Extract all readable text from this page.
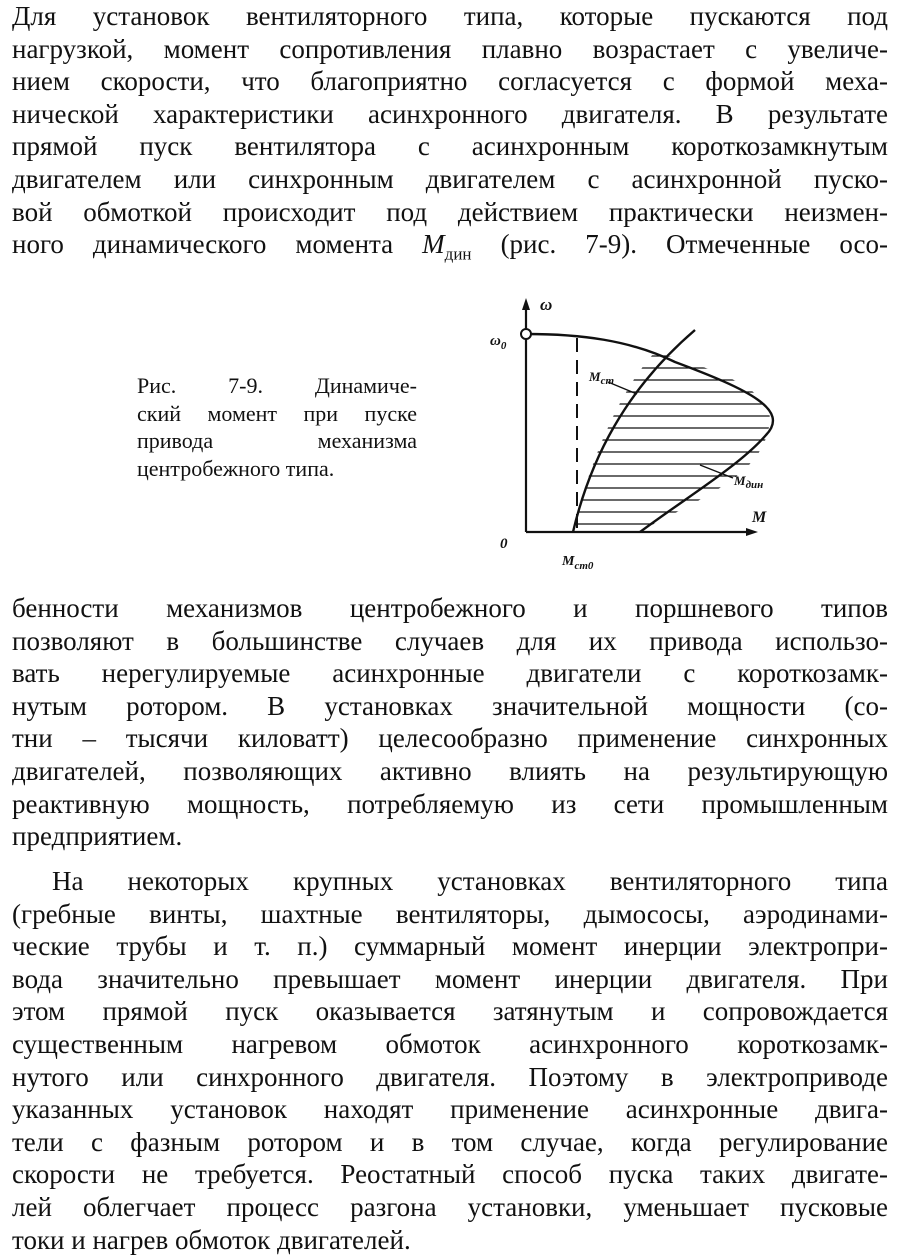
Для установок вентиляторного типа, которые пускаются под
нагрузкой, момент сопротивления плавно возрастает с увеличе-
нием скорости, что благоприятно согласуется с формой меха-
нической характеристики асинхронного двигателя. В результате
прямой пуск вентилятора с асинхронным короткозамкнутым
двигателем или синхронным двигателем с асинхронной пуско-
вой обмоткой происходит под действием практически неизмен-
ного динамического момента $M_{дин}$ (рис. 7-9). Отмеченные осо-
Рис. 7-9. Динамиче-
ский момент при пуске
привода механизма
центробежного типа.
ω
$\omega_0$
$M_{ст}$
$M_{дин}$
0
M
$M_{ст0}$
бенности механизмов центробежного и поршневого типов
позволяют в большинстве случаев для их привода использо-
вать нерегулируемые асинхронные двигатели с короткозамк-
нутым ротором. В установках значительной мощности (со-
тни – тысячи киловатт) целесообразно применение синхронных
двигателей, позволяющих активно влиять на результирующую
реактивную мощность, потребляемую из сети промышленным
предприятием.
На некоторых крупных установках вентиляторного типа
(гребные винты, шахтные вентиляторы, дымососы, аэродинами-
ческие трубы и т. п.) суммарный момент инерции электропри-
вода значительно превышает момент инерции двигателя. При
этом прямой пуск оказывается затянутым и сопровождается
существенным нагревом обмоток асинхронного короткозамк-
нутого или синхронного двигателя. Поэтому в электроприводе
указанных установок находят применение асинхронные двига-
тели с фазным ротором и в том случае, когда регулирование
скорости не требуется. Реостатный способ пуска таких двигате-
лей облегчает процесс разгона установки, уменьшает пусковые
токи и нагрев обмоток двигателей.
